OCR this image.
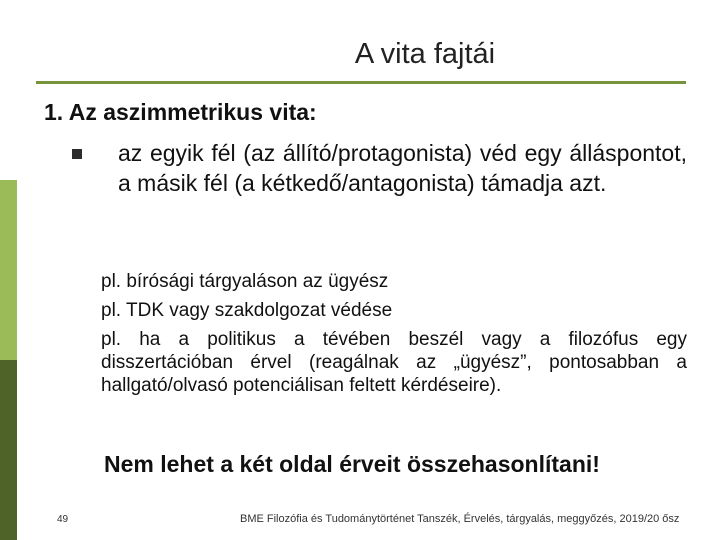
A vita fajtái
1. Az aszimmetrikus vita:
az egyik fél (az állító/protagonista) véd egy álláspontot, a másik fél (a kétkedő/antagonista) támadja azt.
pl. bírósági tárgyaláson az ügyész
pl. TDK vagy szakdolgozat védése
pl. ha a politikus a tévében beszél vagy a filozófus egy disszertációban érvel (reagálnak az „ügyész”, pontosabban a hallgató/olvasó potenciálisan feltett kérdéseire).
Nem lehet a két oldal érveit összehasonlítani!
49	BME Filozófia és Tudománytörténet Tanszék, Érvelés, tárgyalás, meggyőzés, 2019/20 ősz
